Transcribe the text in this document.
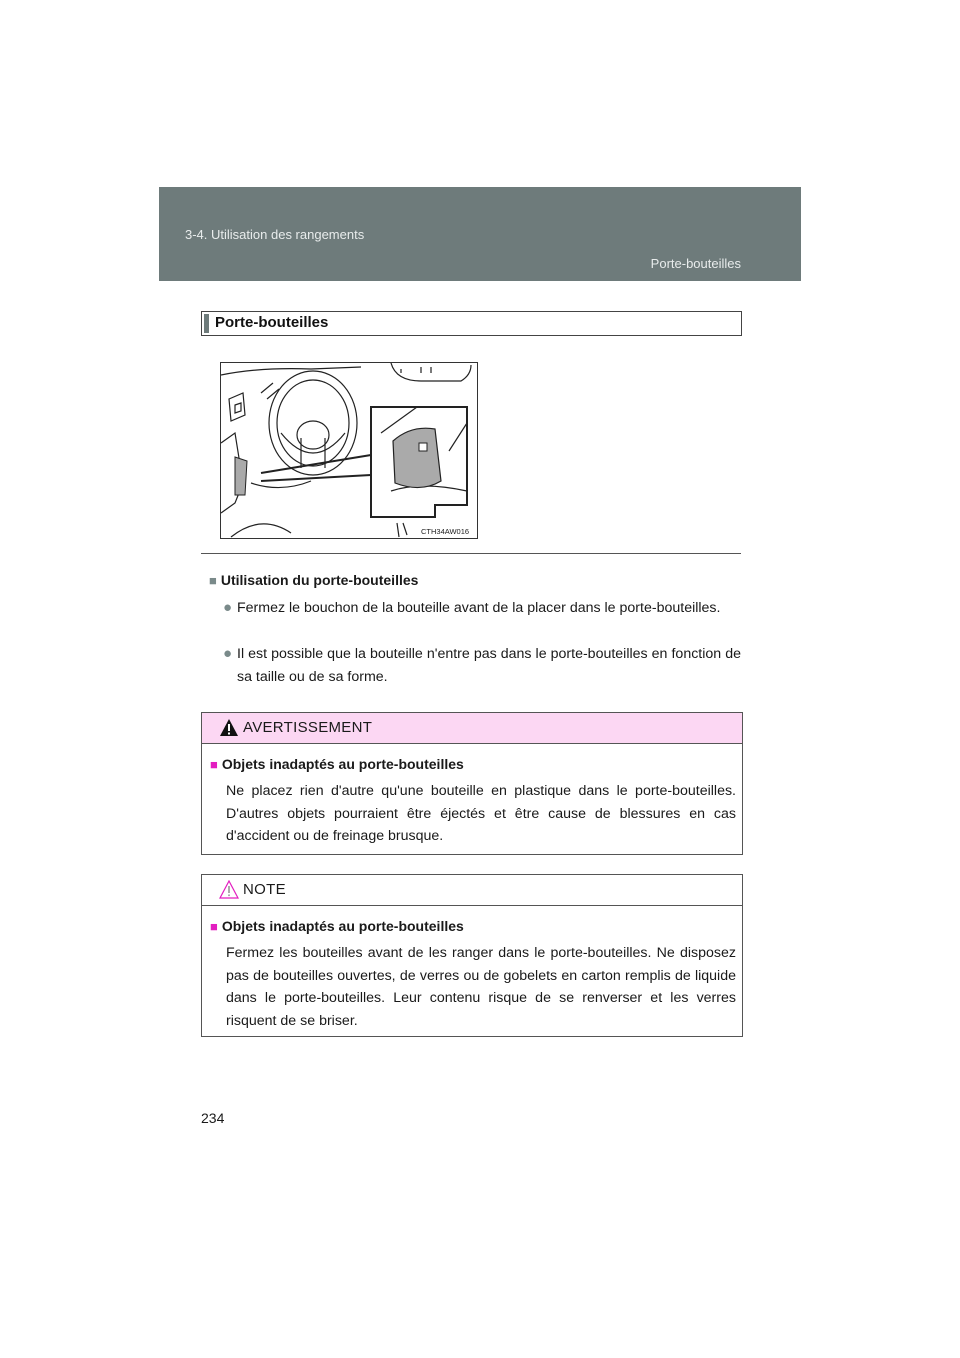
3-4. Utilisation des rangements
Porte-bouteilles
Porte-bouteilles
CTH34AW016
■ Utilisation du porte-bouteilles
● Fermez le bouchon de la bouteille avant de la placer dans le porte-bouteilles.
● Il est possible que la bouteille n'entre pas dans le porte-bouteilles en fonction de sa taille ou de sa forme.
AVERTISSEMENT
■ Objets inadaptés au porte-bouteilles
Ne placez rien d'autre qu'une bouteille en plastique dans le porte-bouteilles. D'autres objets pourraient être éjectés et être cause de blessures en cas d'accident ou de freinage brusque.
NOTE
■ Objets inadaptés au porte-bouteilles
Fermez les bouteilles avant de les ranger dans le porte-bouteilles. Ne disposez pas de bouteilles ouvertes, de verres ou de gobelets en carton remplis de liquide dans le porte-bouteilles. Leur contenu risque de se renverser et les verres risquent de se briser.
234
